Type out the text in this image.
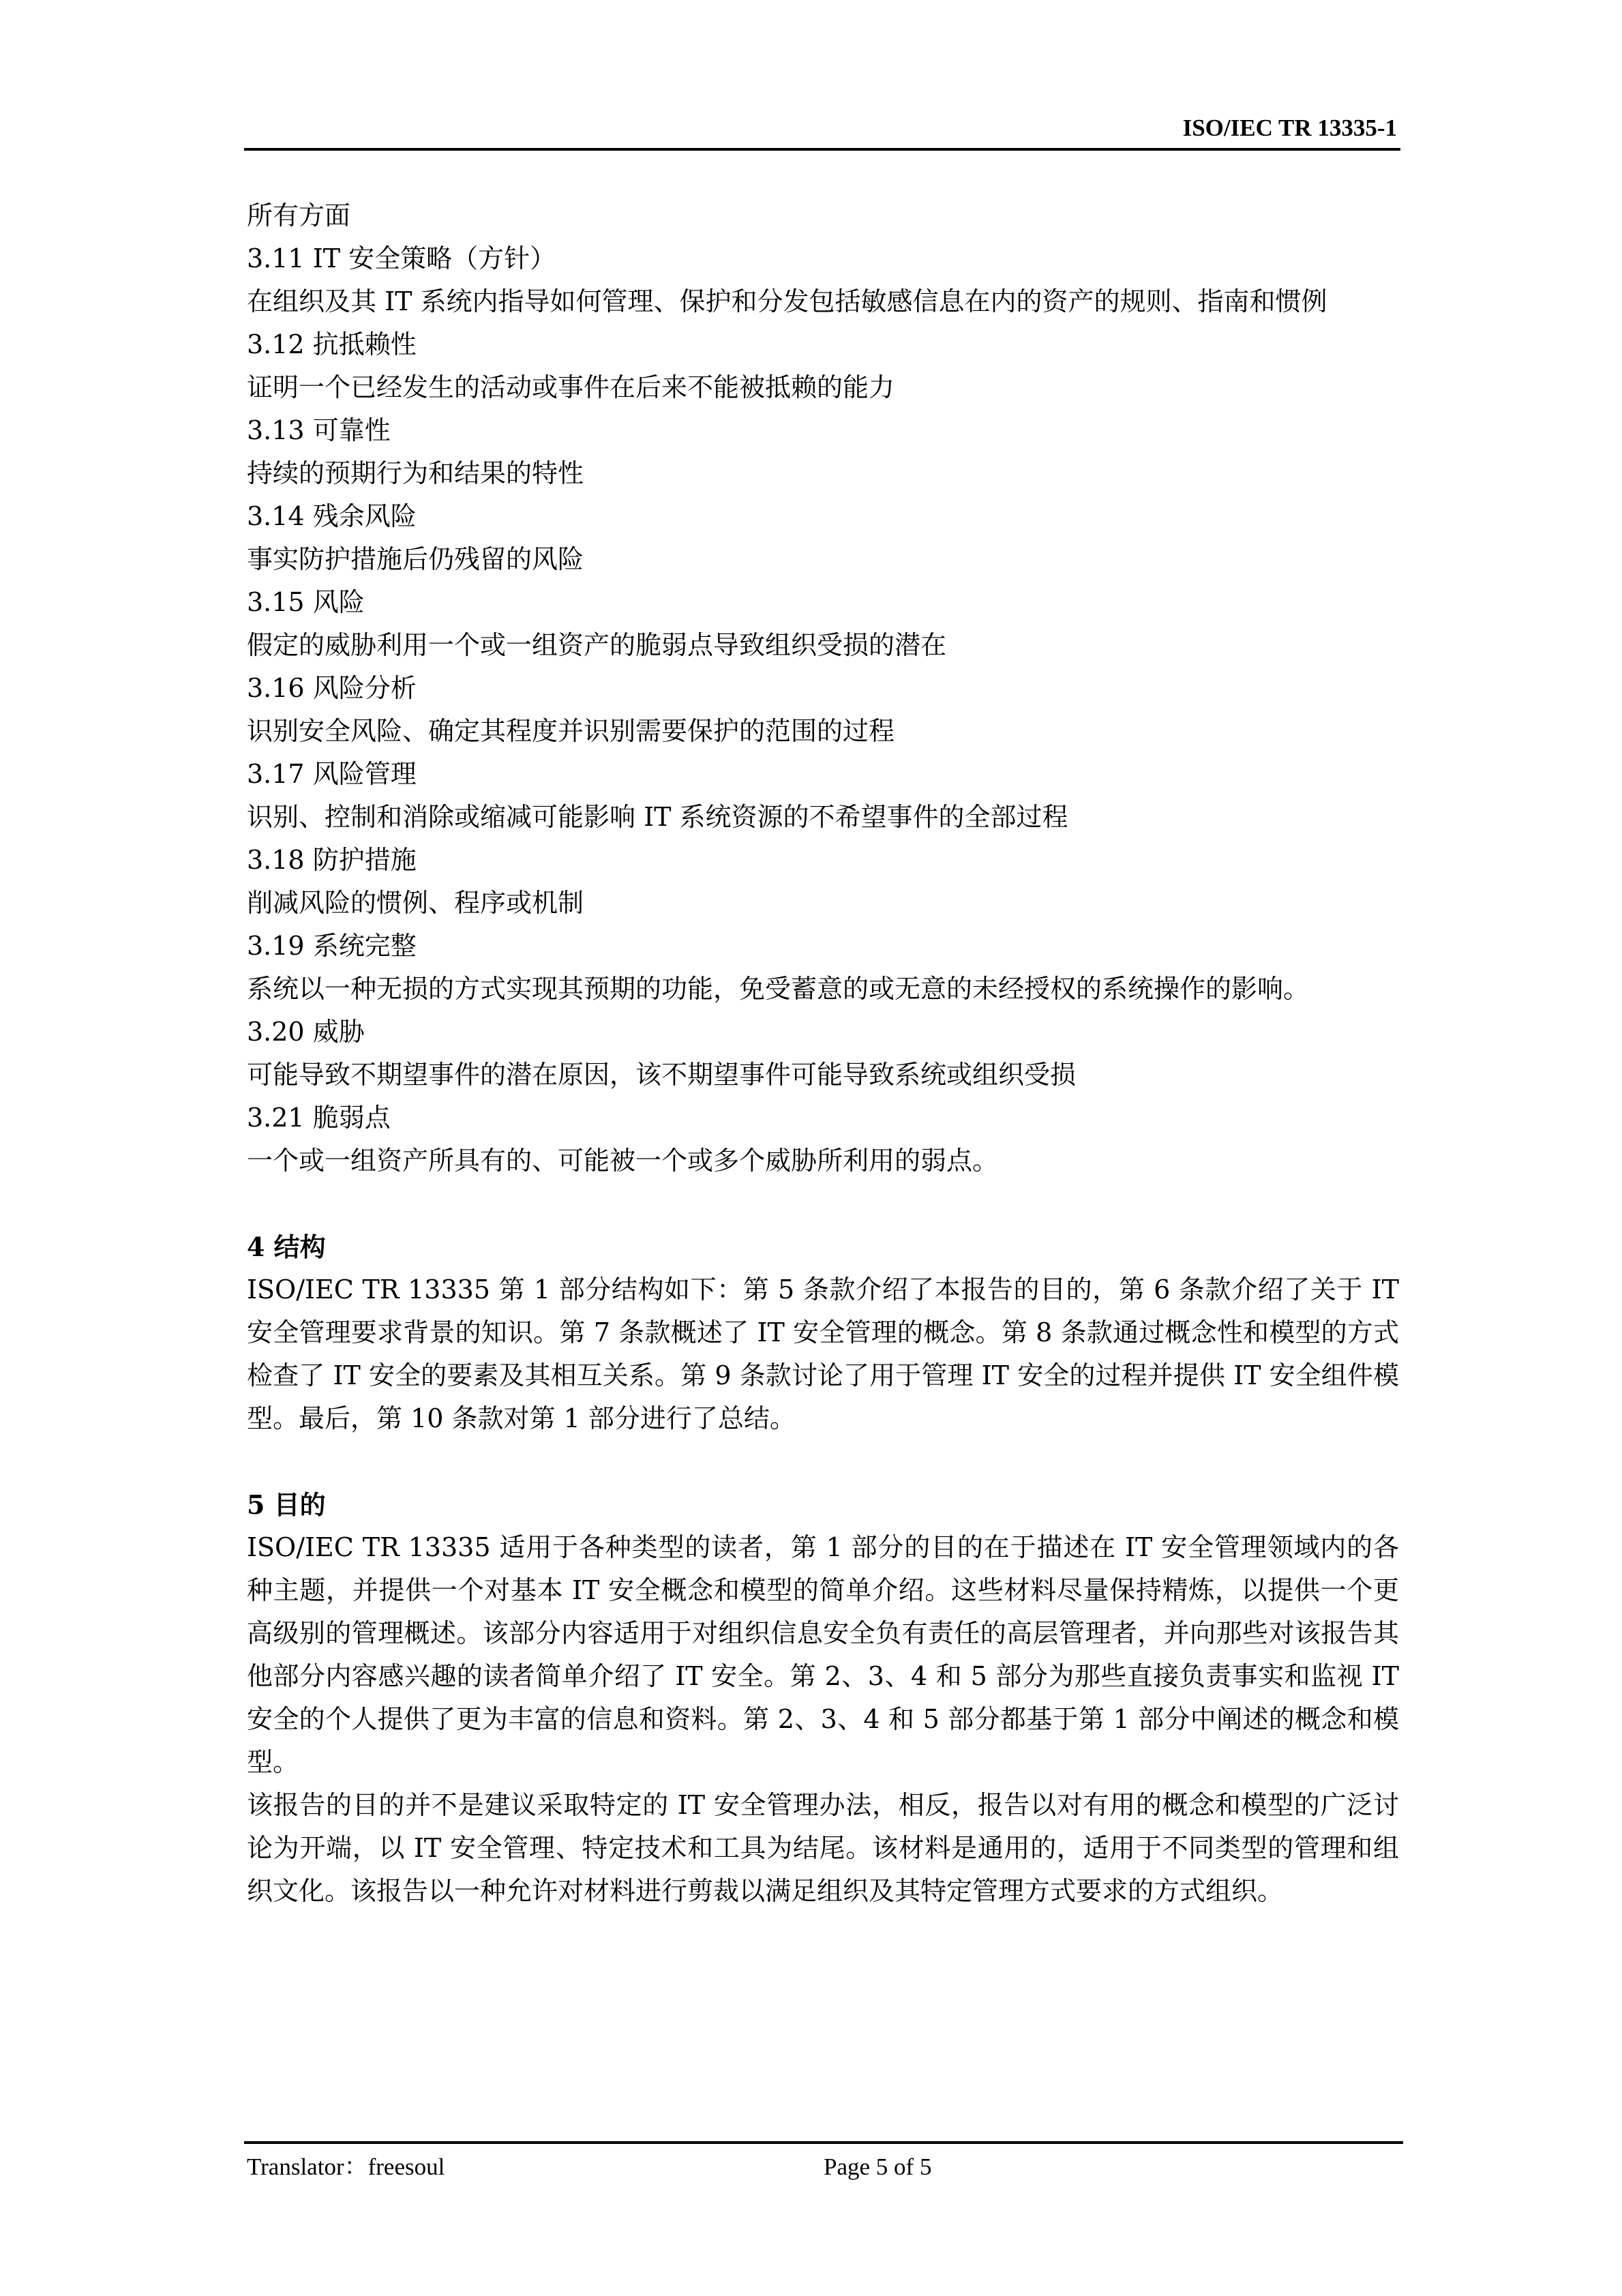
ISO/IEC TR 13335-1

所有方面

3.11 IT 安全策略（方针）

在组织及其 IT 系统内指导如何管理、保护和分发包括敏感信息在内的资产的规则、指南和惯例

3.12 抗抵赖性

证明一个已经发生的活动或事件在后来不能被抵赖的能力

3.13 可靠性

持续的预期行为和结果的特性

3.14 残余风险

事实防护措施后仍残留的风险

3.15 风险

假定的威胁利用一个或一组资产的脆弱点导致组织受损的潜在

3.16 风险分析

识别安全风险、确定其程度并识别需要保护的范围的过程

3.17 风险管理

识别、控制和消除或缩减可能影响 IT 系统资源的不希望事件的全部过程

3.18 防护措施

削减风险的惯例、程序或机制

3.19 系统完整

系统以一种无损的方式实现其预期的功能，免受蓄意的或无意的未经授权的系统操作的影响。

3.20 威胁

可能导致不期望事件的潜在原因，该不期望事件可能导致系统或组织受损

3.21 脆弱点

一个或一组资产所具有的、可能被一个或多个威胁所利用的弱点。

4 结构

ISO/IEC TR 13335 第 1 部分结构如下：第 5 条款介绍了本报告的目的，第 6 条款介绍了关于 IT 安全管理要求背景的知识。第 7 条款概述了 IT 安全管理的概念。第 8 条款通过概念性和模型的方式检查了 IT 安全的要素及其相互关系。第 9 条款讨论了用于管理 IT 安全的过程并提供 IT 安全组件模型。最后，第 10 条款对第 1 部分进行了总结。

5 目的

ISO/IEC TR 13335 适用于各种类型的读者，第 1 部分的目的在于描述在 IT 安全管理领域内的各种主题，并提供一个对基本 IT 安全概念和模型的简单介绍。这些材料尽量保持精炼，以提供一个更高级别的管理概述。该部分内容适用于对组织信息安全负有责任的高层管理者，并向那些对该报告其他部分内容感兴趣的读者简单介绍了 IT 安全。第 2、3、4 和 5 部分为那些直接负责事实和监视 IT 安全的个人提供了更为丰富的信息和资料。第 2、3、4 和 5 部分都基于第 1 部分中阐述的概念和模型。

该报告的目的并不是建议采取特定的 IT 安全管理办法，相反，报告以对有用的概念和模型的广泛讨论为开端，以 IT 安全管理、特定技术和工具为结尾。该材料是通用的，适用于不同类型的管理和组织文化。该报告以一种允许对材料进行剪裁以满足组织及其特定管理方式要求的方式组织。

Translator：freesoul	Page 5 of 5
